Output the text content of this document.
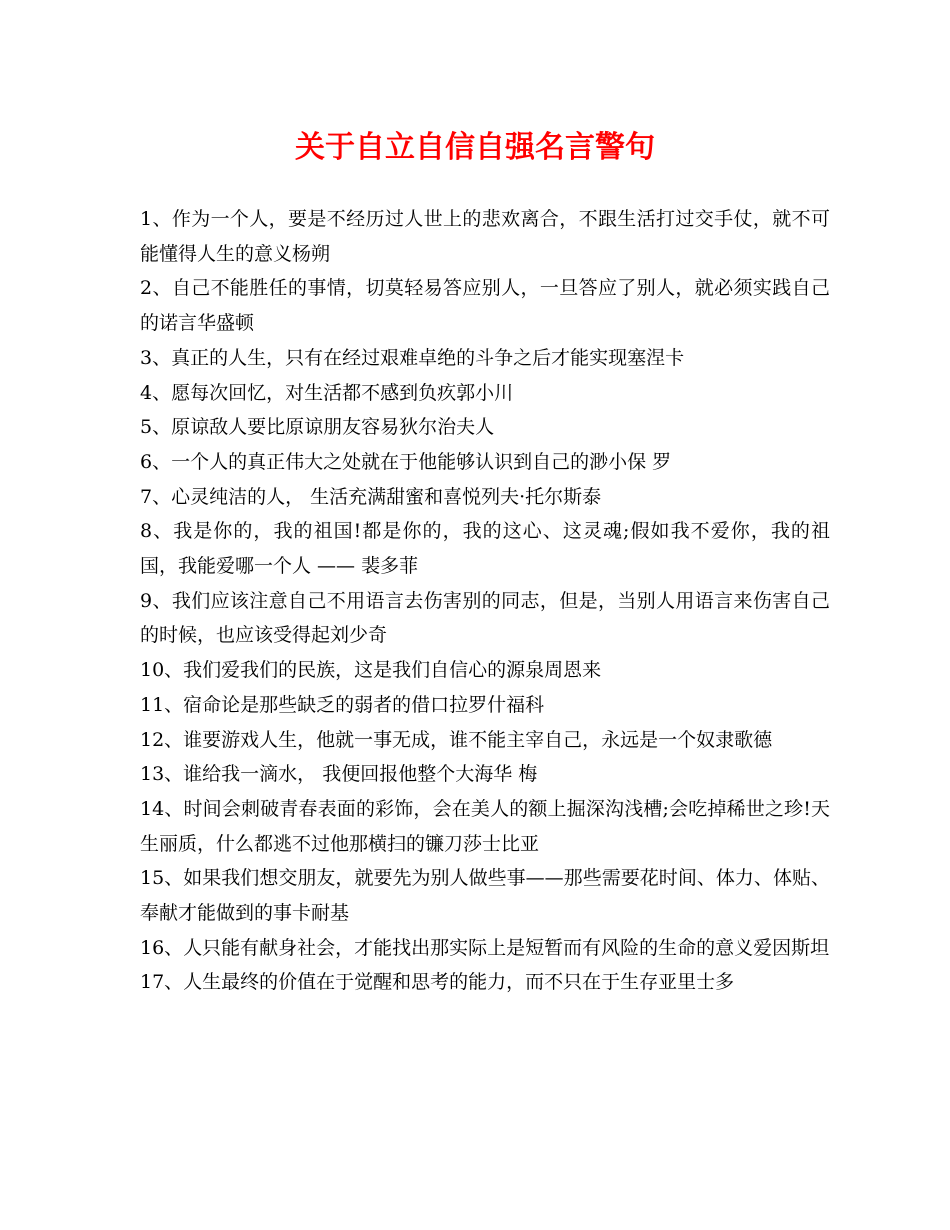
关于自立自信自强名言警句
1、作为一个人，要是不经历过人世上的悲欢离合，不跟生活打过交手仗，就不可能懂得人生的意义杨朔
2、自己不能胜任的事情，切莫轻易答应别人，一旦答应了别人，就必须实践自己的诺言华盛顿
3、真正的人生，只有在经过艰难卓绝的斗争之后才能实现塞涅卡
4、愿每次回忆，对生活都不感到负疚郭小川
5、原谅敌人要比原谅朋友容易狄尔治夫人
6、一个人的真正伟大之处就在于他能够认识到自己的渺小保 罗
7、心灵纯洁的人， 生活充满甜蜜和喜悦列夫·托尔斯泰
8、我是你的，我的祖国!都是你的，我的这心、这灵魂;假如我不爱你，我的祖国，我能爱哪一个人 —— 裴多菲
9、我们应该注意自己不用语言去伤害别的同志，但是，当别人用语言来伤害自己的时候，也应该受得起刘少奇
10、我们爱我们的民族，这是我们自信心的源泉周恩来
11、宿命论是那些缺乏的弱者的借口拉罗什福科
12、谁要游戏人生，他就一事无成，谁不能主宰自己，永远是一个奴隶歌德
13、谁给我一滴水， 我便回报他整个大海华 梅
14、时间会刺破青春表面的彩饰，会在美人的额上掘深沟浅槽;会吃掉稀世之珍!天生丽质，什么都逃不过他那横扫的镰刀莎士比亚
15、如果我们想交朋友，就要先为别人做些事——那些需要花时间、体力、体贴、奉献才能做到的事卡耐基
16、人只能有献身社会，才能找出那实际上是短暂而有风险的生命的意义爱因斯坦
17、人生最终的价值在于觉醒和思考的能力，而不只在于生存亚里士多
